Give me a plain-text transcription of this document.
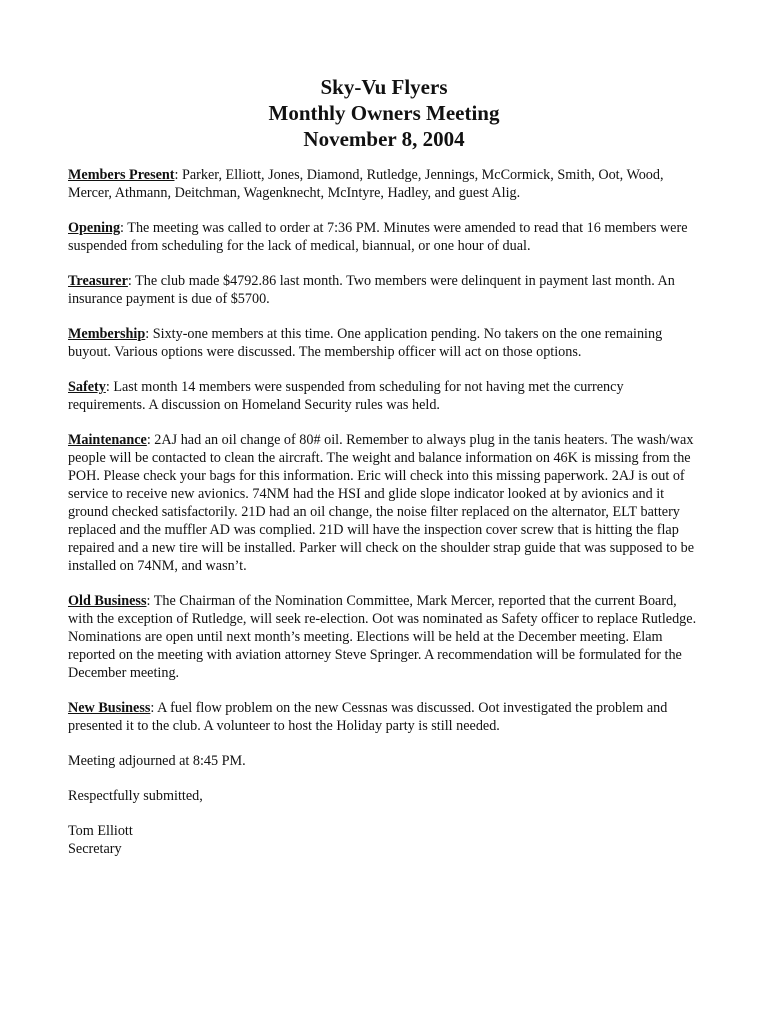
Sky-Vu Flyers
Monthly Owners Meeting
November 8, 2004

Members Present: Parker, Elliott, Jones, Diamond, Rutledge, Jennings, McCormick, Smith, Oot, Wood, Mercer, Athmann, Deitchman, Wagenknecht, McIntyre, Hadley, and guest Alig.

Opening: The meeting was called to order at 7:36 PM. Minutes were amended to read that 16 members were suspended from scheduling for the lack of medical, biannual, or one hour of dual.

Treasurer: The club made $4792.86 last month. Two members were delinquent in payment last month. An insurance payment is due of $5700.

Membership: Sixty-one members at this time. One application pending. No takers on the one remaining buyout. Various options were discussed. The membership officer will act on those options.

Safety: Last month 14 members were suspended from scheduling for not having met the currency requirements. A discussion on Homeland Security rules was held.

Maintenance: 2AJ had an oil change of 80# oil. Remember to always plug in the tanis heaters. The wash/wax people will be contacted to clean the aircraft. The weight and balance information on 46K is missing from the POH. Please check your bags for this information. Eric will check into this missing paperwork. 2AJ is out of service to receive new avionics. 74NM had the HSI and glide slope indicator looked at by avionics and it ground checked satisfactorily. 21D had an oil change, the noise filter replaced on the alternator, ELT battery replaced and the muffler AD was complied. 21D will have the inspection cover screw that is hitting the flap repaired and a new tire will be installed. Parker will check on the shoulder strap guide that was supposed to be installed on 74NM, and wasn’t.

Old Business: The Chairman of the Nomination Committee, Mark Mercer, reported that the current Board, with the exception of Rutledge, will seek re-election. Oot was nominated as Safety officer to replace Rutledge. Nominations are open until next month’s meeting. Elections will be held at the December meeting. Elam reported on the meeting with aviation attorney Steve Springer. A recommendation will be formulated for the December meeting.

New Business: A fuel flow problem on the new Cessnas was discussed. Oot investigated the problem and presented it to the club. A volunteer to host the Holiday party is still needed.

Meeting adjourned at 8:45 PM.

Respectfully submitted,

Tom Elliott
Secretary
